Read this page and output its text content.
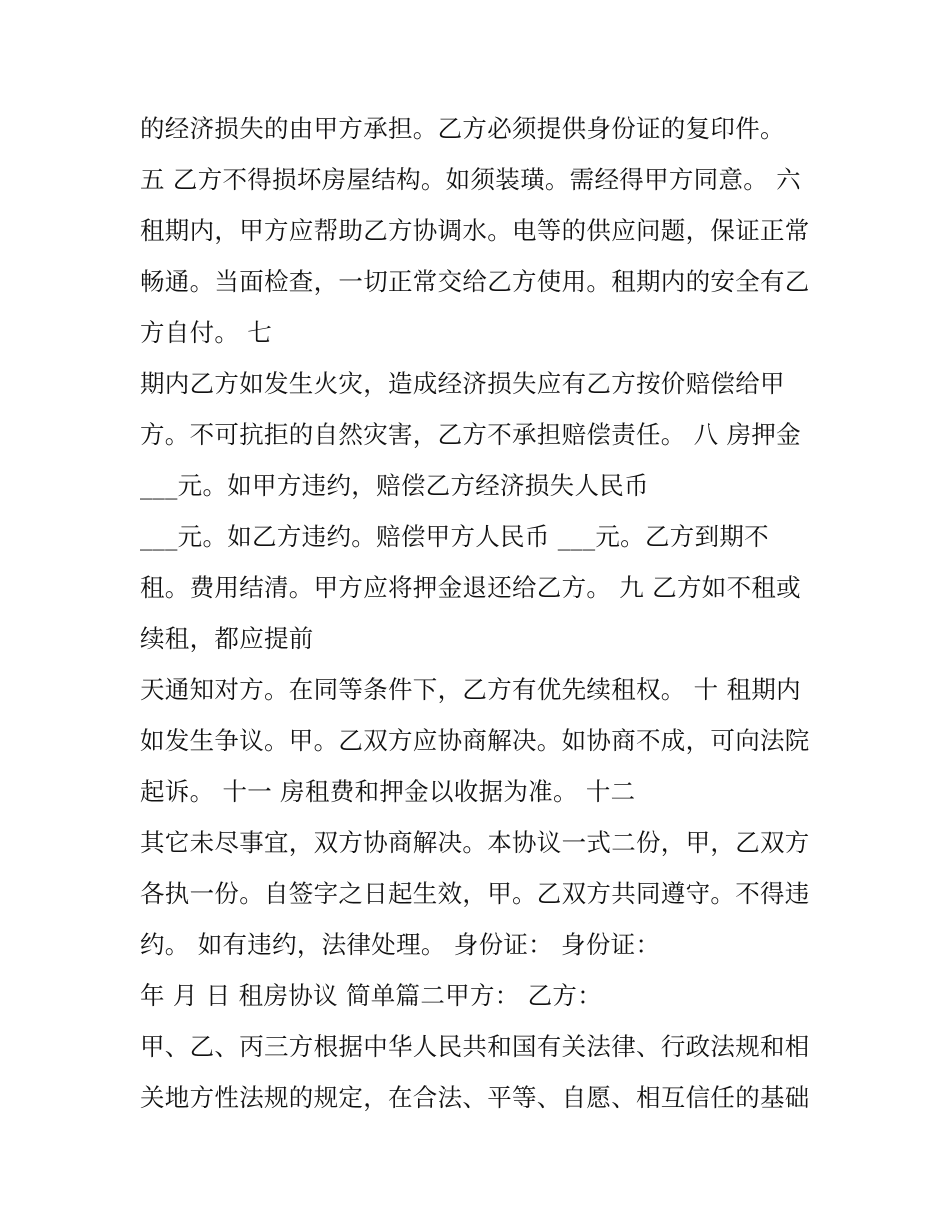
的经济损失的由甲方承担。乙方必须提供身份证的复印件。
五 乙方不得损坏房屋结构。如须装璜。需经得甲方同意。 六
租期内，甲方应帮助乙方协调水。电等的供应问题，保证正常
畅通。当面检查，一切正常交给乙方使用。租期内的安全有乙
方自付。 七
期内乙方如发生火灾，造成经济损失应有乙方按价赔偿给甲
方。不可抗拒的自然灾害，乙方不承担赔偿责任。 八 房押金
___元。如甲方违约，赔偿乙方经济损失人民币
___元。如乙方违约。赔偿甲方人民币 ___元。乙方到期不
租。费用结清。甲方应将押金退还给乙方。 九 乙方如不租或
续租，都应提前
天通知对方。在同等条件下，乙方有优先续租权。 十 租期内
如发生争议。甲。乙双方应协商解决。如协商不成，可向法院
起诉。 十一 房租费和押金以收据为准。 十二
其它未尽事宜，双方协商解决。本协议一式二份，甲，乙双方
各执一份。自签字之日起生效，甲。乙双方共同遵守。不得违
约。 如有违约，法律处理。 身份证： 身份证：
年 月 日 租房协议 简单篇二甲方： 乙方：
甲、乙、丙三方根据中华人民共和国有关法律、行政法规和相
关地方性法规的规定，在合法、平等、自愿、相互信任的基础
